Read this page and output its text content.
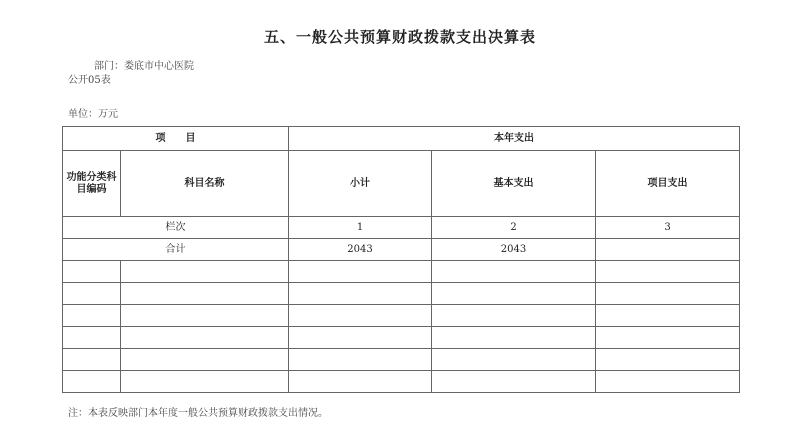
五、一般公共预算财政拨款支出决算表
部门：娄底市中心医院
公开05表
单位：万元
项　　目		本年支出		
功能分类科目编码	科目名称	小计	基本支出	项目支出
栏次		1	2	3
合计		2043	2043	

注：本表反映部门本年度一般公共预算财政拨款支出情况。
